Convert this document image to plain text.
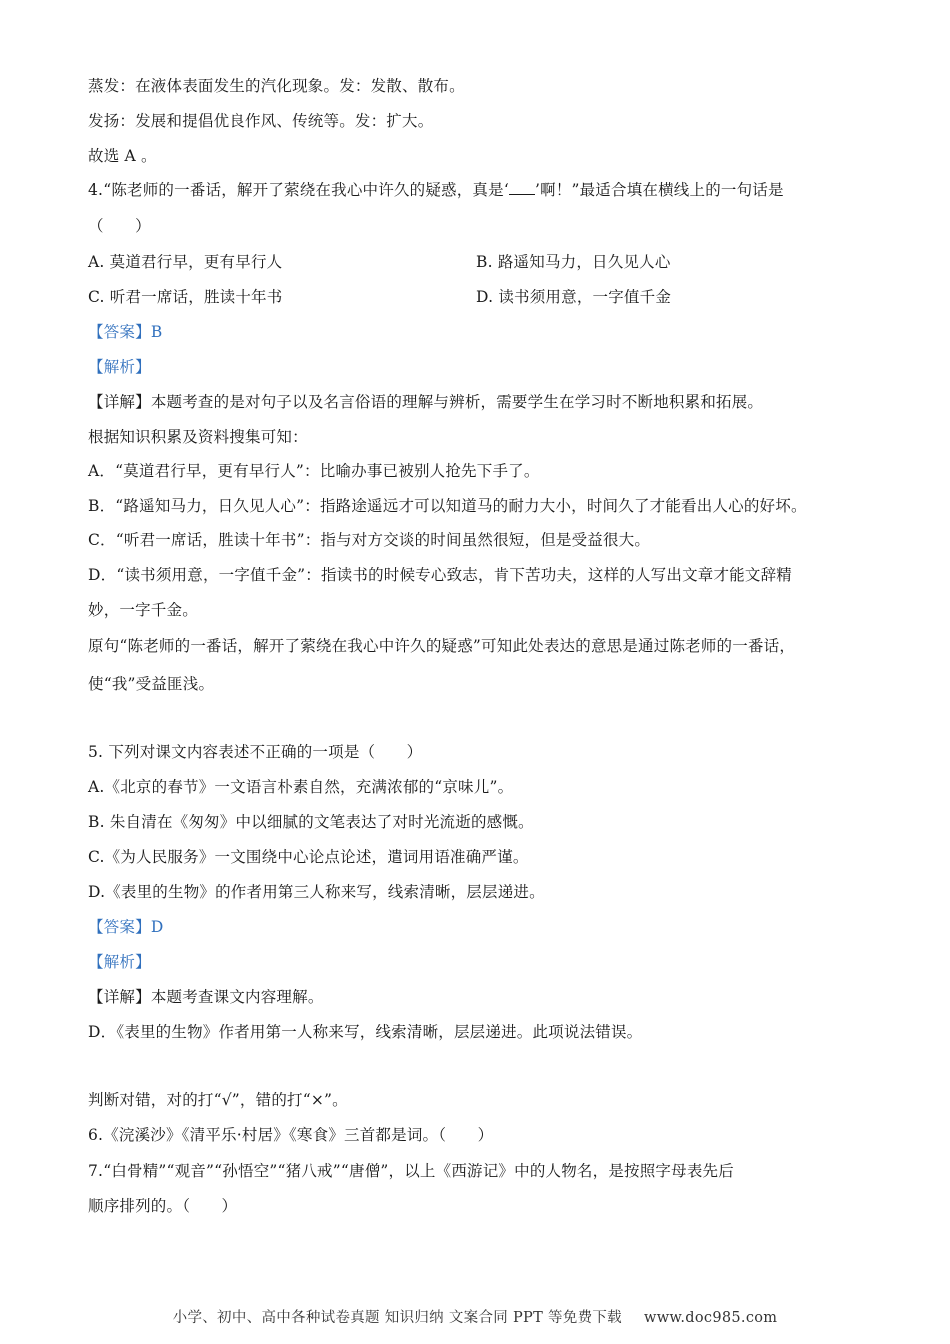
蒸发：在液体表面发生的汽化现象。发：发散、散布。
发扬：发展和提倡优良作风、传统等。发：扩大。
故选 A 。
4.“陈老师的一番话，解开了萦绕在我心中许久的疑惑，真是‘ ’啊！”最适合填在横线上的一句话是
（　　）
A. 莫道君行早，更有早行人	B. 路遥知马力，日久见人心
C. 听君一席话，胜读十年书	D. 读书须用意，一字值千金
【答案】B
【解析】
【详解】本题考查的是对句子以及名言俗语的理解与辨析，需要学生在学习时不断地积累和拓展。
根据知识积累及资料搜集可知：
A．“莫道君行早，更有早行人”：比喻办事已被别人抢先下手了。
B．“路遥知马力，日久见人心”：指路途遥远才可以知道马的耐力大小，时间久了才能看出人心的好坏。
C．“听君一席话，胜读十年书”：指与对方交谈的时间虽然很短，但是受益很大。
D．“读书须用意，一字值千金”：指读书的时候专心致志，肯下苦功夫，这样的人写出文章才能文辞精
妙，一字千金。
原句“陈老师的一番话，解开了萦绕在我心中许久的疑惑”可知此处表达的意思是通过陈老师的一番话，
使“我”受益匪浅。
5. 下列对课文内容表述不正确的一项是（　　）
A.《北京的春节》一文语言朴素自然，充满浓郁的“京味儿”。
B. 朱自清在《匆匆》中以细腻的文笔表达了对时光流逝的感慨。
C.《为人民服务》一文围绕中心论点论述，遣词用语准确严谨。
D.《表里的生物》的作者用第三人称来写，线索清晰，层层递进。
【答案】D
【解析】
【详解】本题考查课文内容理解。
D．《表里的生物》作者用第一人称来写，线索清晰，层层递进。此项说法错误。
判断对错，对的打“√”，错的打“×”。
6.《浣溪沙》《清平乐·村居》《寒食》三首都是词。（　　）
7.“白骨精”“观音”“孙悟空”“猪八戒”“唐僧”，以上《西游记》中的人物名，是按照字母表先后
顺序排列的。（　　）
小学、初中、高中各种试卷真题 知识归纳 文案合同 PPT 等免费下载 www.doc985.com
